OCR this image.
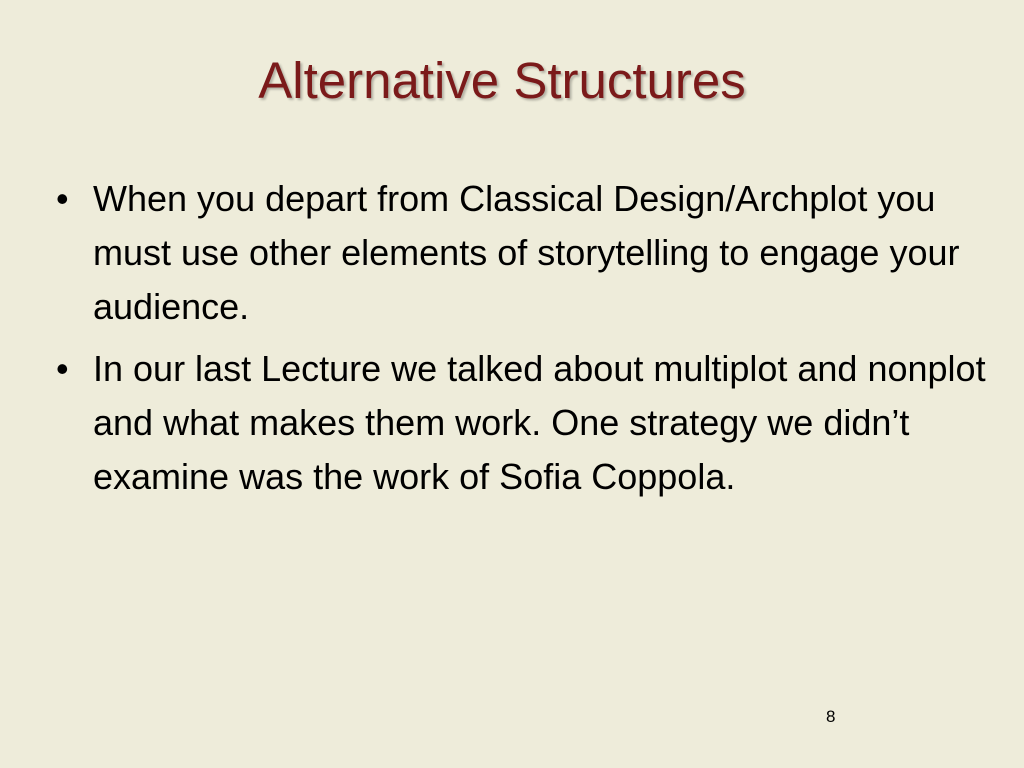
Alternative Structures
• When you depart from Classical Design/Archplot you must use other elements of storytelling to engage your audience.
• In our last Lecture we talked about multiplot and nonplot and what makes them work. One strategy we didn’t examine was the work of Sofia Coppola.
8
